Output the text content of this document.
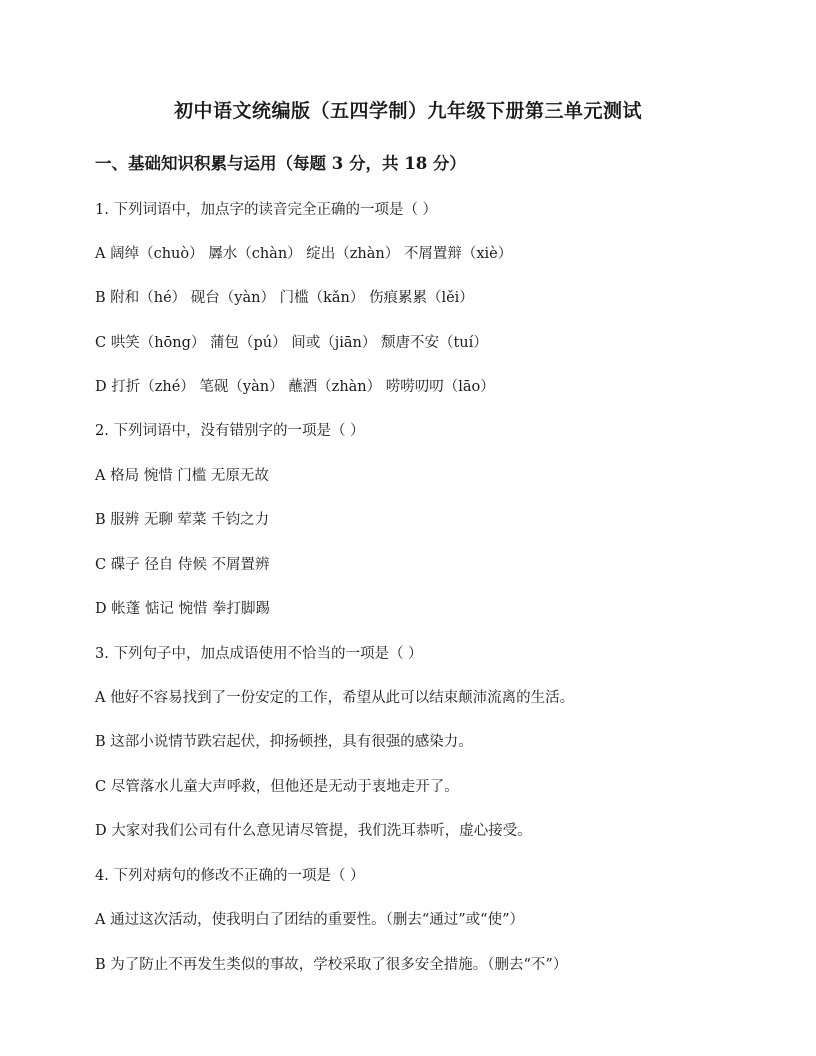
初中语文统编版（五四学制）九年级下册第三单元测试
一、基础知识积累与运用（每题 3 分，共 18 分）
1. 下列词语中，加点字的读音完全正确的一项是（ ）
A 阔绰（chuò） 羼水（chàn） 绽出（zhàn） 不屑置辩（xiè）
B 附和（hé） 砚台（yàn） 门槛（kǎn） 伤痕累累（lěi）
C 哄笑（hōng） 蒲包（pú） 间或（jiān） 颓唐不安（tuí）
D 打折（zhé） 笔砚（yàn） 蘸酒（zhàn） 唠唠叨叨（lāo）
2. 下列词语中，没有错别字的一项是（ ）
A 格局 惋惜 门槛 无原无故
B 服辨 无聊 荤菜 千钧之力
C 碟子 径自 侍候 不屑置辨
D 帐蓬 惦记 惋惜 拳打脚踢
3. 下列句子中，加点成语使用不恰当的一项是（ ）
A 他好不容易找到了一份安定的工作，希望从此可以结束颠沛流离的生活。
B 这部小说情节跌宕起伏，抑扬顿挫，具有很强的感染力。
C 尽管落水儿童大声呼救，但他还是无动于衷地走开了。
D 大家对我们公司有什么意见请尽管提，我们洗耳恭听，虚心接受。
4. 下列对病句的修改不正确的一项是（ ）
A 通过这次活动，使我明白了团结的重要性。（删去“通过”或“使”）
B 为了防止不再发生类似的事故，学校采取了很多安全措施。（删去“不”）
